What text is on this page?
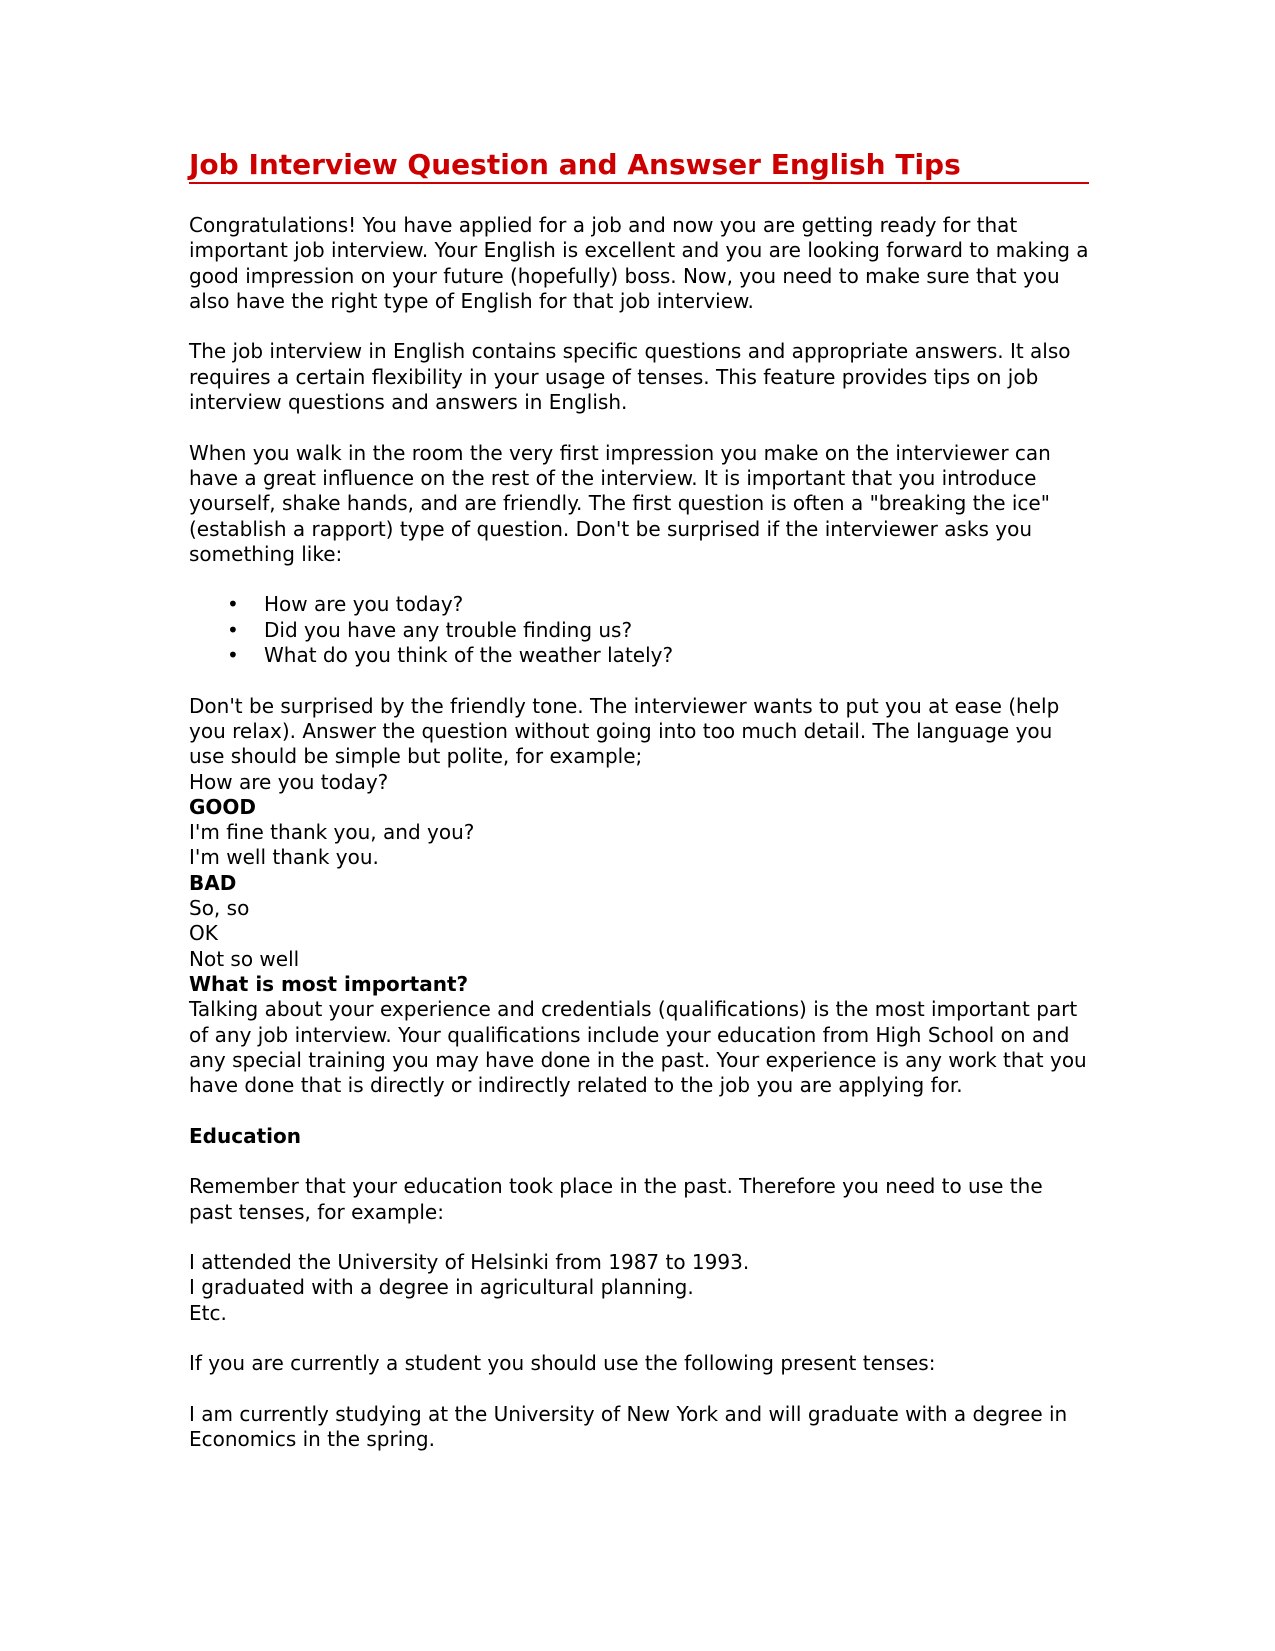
Job Interview Question and Answser English Tips

Congratulations! You have applied for a job and now you are getting ready for that important job interview. Your English is excellent and you are looking forward to making a good impression on your future (hopefully) boss. Now, you need to make sure that you also have the right type of English for that job interview.

The job interview in English contains specific questions and appropriate answers. It also requires a certain flexibility in your usage of tenses. This feature provides tips on job interview questions and answers in English.

When you walk in the room the very first impression you make on the interviewer can have a great influence on the rest of the interview. It is important that you introduce yourself, shake hands, and are friendly. The first question is often a "breaking the ice" (establish a rapport) type of question. Don't be surprised if the interviewer asks you something like:

• How are you today?
• Did you have any trouble finding us?
• What do you think of the weather lately?

Don't be surprised by the friendly tone. The interviewer wants to put you at ease (help you relax). Answer the question without going into too much detail. The language you use should be simple but polite, for example;

How are you today?
GOOD
I'm fine thank you, and you?
I'm well thank you.
BAD
So, so
OK
Not so well
What is most important?

Talking about your experience and credentials (qualifications) is the most important part of any job interview. Your qualifications include your education from High School on and any special training you may have done in the past. Your experience is any work that you have done that is directly or indirectly related to the job you are applying for.

Education

Remember that your education took place in the past. Therefore you need to use the past tenses, for example:

I attended the University of Helsinki from 1987 to 1993.
I graduated with a degree in agricultural planning.
Etc.

If you are currently a student you should use the following present tenses:

I am currently studying at the University of New York and will graduate with a degree in Economics in the spring.
